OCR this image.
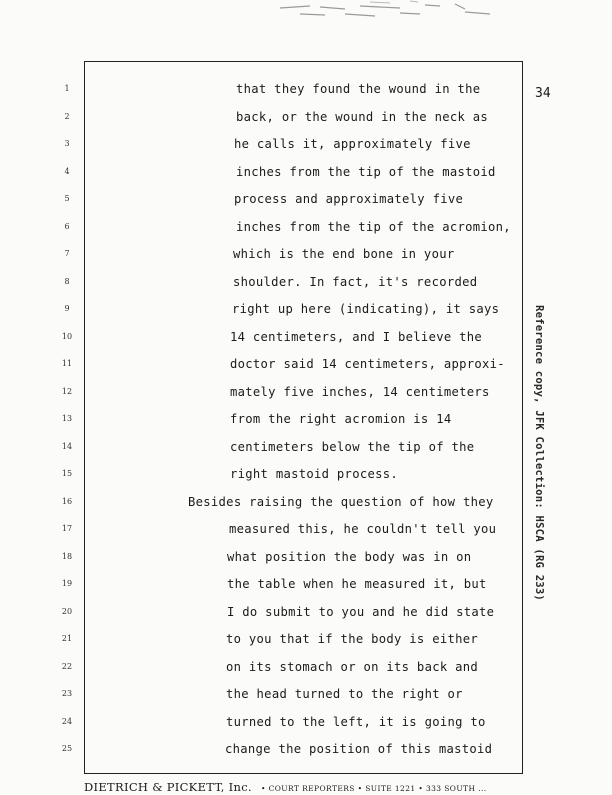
34
1	that they found the wound in the
2	back, or the wound in the neck as
3	he calls it, approximately five
4	inches from the tip of the mastoid
5	process and approximately five
6	inches from the tip of the acromion,
7	which is the end bone in your
8	shoulder. In fact, it's recorded
9	right up here (indicating), it says
10	14 centimeters, and I believe the
11	doctor said 14 centimeters, approxi-
12	mately five inches, 14 centimeters
13	from the right acromion is 14
14	centimeters below the tip of the
15	right mastoid process.
16	Besides raising the question of how they
17	measured this, he couldn't tell you
18	what position the body was in on
19	the table when he measured it, but
20	I do submit to you and he did state
21	to you that if the body is either
22	on its stomach or on its back and
23	the head turned to the right or
24	turned to the left, it is going to
25	change the position of this mastoid
Reference copy, JFK Collection: HSCA (RG 233)
DIETRICH & PICKETT, Inc. • COURT REPORTERS • SUITE 1221 • 333 SOUTH ...
